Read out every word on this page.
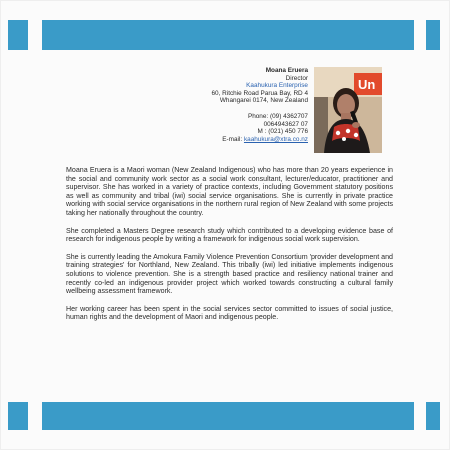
Moana Eruera
Director
Kaahukura Enterprise
60, Ritchie Road Parua Bay, RD 4
Whangarei 0174, New Zealand
Phone: (09) 4362707
0064943627 07
M : (021) 450 776
E-mail: kaahukura@xtra.co.nz
Un

Moana Eruera is a Maori woman (New Zealand Indigenous) who has more than 20 years experience in the social and community work sector as a social work consultant, lecturer/educator, practitioner and supervisor. She has worked in a variety of practice contexts, including Government statutory positions as well as community and tribal (iwi) social service organisations. She is currently in private practice working with social service organisations in the northern rural region of New Zealand with some projects taking her nationally throughout the country.

She completed a Masters Degree research study which contributed to a developing evidence base of research for indigenous people by writing a framework for indigenous social work supervision.

She is currently leading the Amokura Family Violence Prevention Consortium 'provider development and training strategies' for Northland, New Zealand. This tribally (iwi) led initiative implements indigenous solutions to violence prevention. She is a strength based practice and resiliency national trainer and recently co-led an indigenous provider project which worked towards constructing a cultural family wellbeing assessment framework.

Her working career has been spent in the social services sector committed to issues of social justice, human rights and the development of Maori and indigenous people.
